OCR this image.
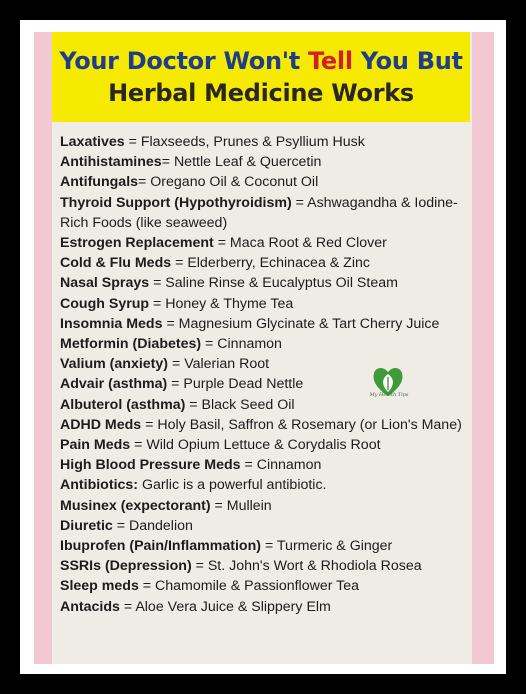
Your Doctor Won't Tell You But
Herbal Medicine Works
Laxatives = Flaxseeds, Prunes & Psyllium Husk
Antihistamines= Nettle Leaf & Quercetin
Antifungals= Oregano Oil & Coconut Oil
Thyroid Support (Hypothyroidism) = Ashwagandha & Iodine-Rich Foods (like seaweed)
Estrogen Replacement = Maca Root & Red Clover
Cold & Flu Meds = Elderberry, Echinacea & Zinc
Nasal Sprays = Saline Rinse & Eucalyptus Oil Steam
Cough Syrup = Honey & Thyme Tea
Insomnia Meds = Magnesium Glycinate & Tart Cherry Juice
Metformin (Diabetes) = Cinnamon
Valium (anxiety) = Valerian Root
Advair (asthma) = Purple Dead Nettle
Albuterol (asthma) = Black Seed Oil
ADHD Meds = Holy Basil, Saffron & Rosemary (or Lion's Mane)
Pain Meds = Wild Opium Lettuce & Corydalis Root
High Blood Pressure Meds = Cinnamon
Antibiotics: Garlic is a powerful antibiotic.
Musinex (expectorant) = Mullein
Diuretic = Dandelion
Ibuprofen (Pain/Inflammation) = Turmeric & Ginger
SSRIs (Depression) = St. John's Wort & Rhodiola Rosea
Sleep meds = Chamomile & Passionflower Tea
Antacids = Aloe Vera Juice & Slippery Elm
My Health Tips
